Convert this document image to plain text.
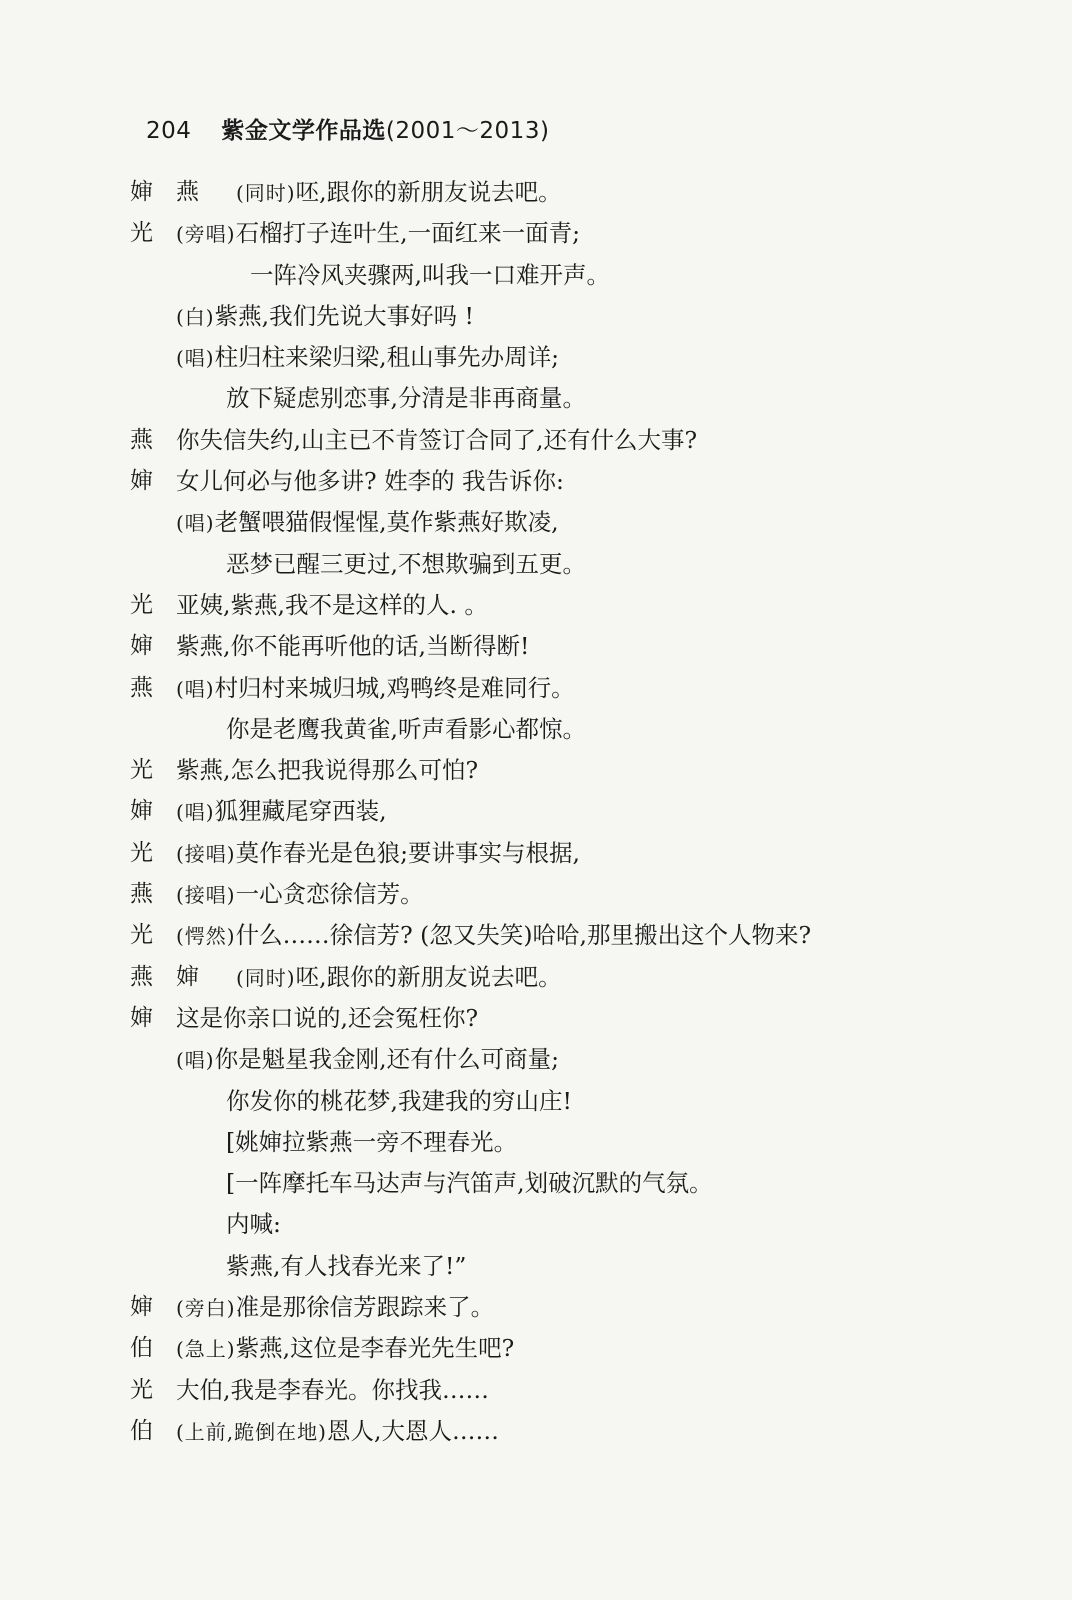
204 紫金文学作品选(2001～2013)
婶 燕 (同时)呸,跟你的新朋友说去吧。
光 (旁唱)石榴打子连叶生,一面红来一面青;
一阵冷风夹骤两,叫我一口难开声。
(白)紫燕,我们先说大事好吗 !
(唱)柱归柱来梁归梁,租山事先办周详;
放下疑虑别恋事,分清是非再商量。
燕 你失信失约,山主已不肯签订合同了,还有什么大事?
婶 女儿何必与他多讲? 姓李的 我告诉你:
(唱)老蟹喂猫假惺惺,莫作紫燕好欺凌,
恶梦已醒三更过,不想欺骗到五更。
光 亚姨,紫燕,我不是这样的人. 。
婶 紫燕,你不能再听他的话,当断得断!
燕 (唱)村归村来城归城,鸡鸭终是难同行。
你是老鹰我黄雀,听声看影心都惊。
光 紫燕,怎么把我说得那么可怕?
婶 (唱)狐狸藏尾穿西装,
光 (接唱)莫作春光是色狼;要讲事实与根据,
燕 (接唱)一心贪恋徐信芳。
光 (愕然)什么……徐信芳? (忽又失笑)哈哈,那里搬出这个人物来?
燕 婶 (同时)呸,跟你的新朋友说去吧。
婶 这是你亲口说的,还会冤枉你?
(唱)你是魁星我金刚,还有什么可商量;
你发你的桃花梦,我建我的穷山庄!
[姚婶拉紫燕一旁不理春光。
[一阵摩托车马达声与汽笛声,划破沉默的气氛。
内喊:
紫燕,有人找春光来了!”
婶 (旁白)准是那徐信芳跟踪来了。
伯 (急上)紫燕,这位是李春光先生吧?
光 大伯,我是李春光。你找我……
伯 (上前,跪倒在地)恩人,大恩人……
